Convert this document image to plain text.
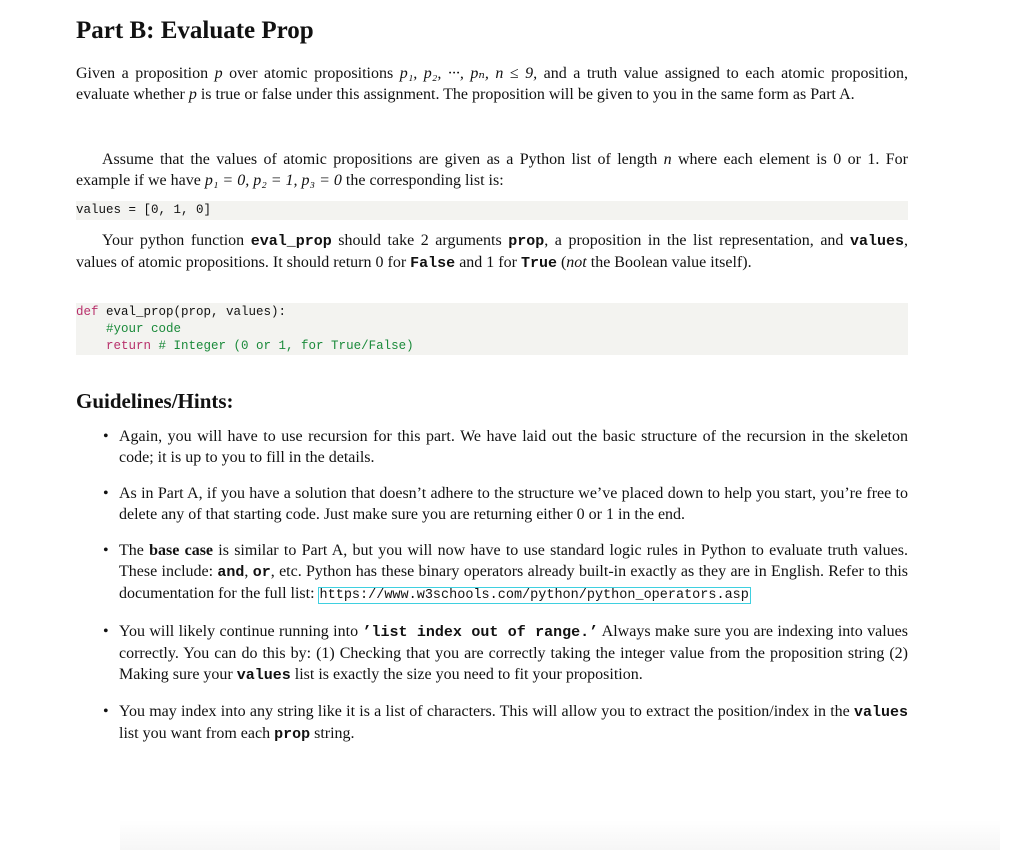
Part B: Evaluate Prop

Given a proposition p over atomic propositions p₁, p₂, ···, pₙ, n ≤ 9, and a truth value assigned to each atomic proposition, evaluate whether p is true or false under this assignment. The proposition will be given to you in the same form as Part A.

Assume that the values of atomic propositions are given as a Python list of length n where each element is 0 or 1. For example if we have p₁ = 0, p₂ = 1, p₃ = 0 the corresponding list is:

values = [0, 1, 0]

Your python function eval_prop should take 2 arguments prop, a proposition in the list representation, and values, values of atomic propositions. It should return 0 for False and 1 for True (not the Boolean value itself).

def eval_prop(prop, values):
#your code
return # Integer (0 or 1, for True/False)
Guidelines/Hints:
• Again, you will have to use recursion for this part. We have laid out the basic structure of the recursion in the skeleton code; it is up to you to fill in the details.
• As in Part A, if you have a solution that doesn’t adhere to the structure we’ve placed down to help you start, you’re free to delete any of that starting code. Just make sure you are returning either 0 or 1 in the end.
• The base case is similar to Part A, but you will now have to use standard logic rules in Python to evaluate truth values. These include: and, or, etc. Python has these binary operators already built-in exactly as they are in English. Refer to this documentation for the full list: https://www.w3schools.com/python/python_operators.asp
• You will likely continue running into ’list index out of range.’ Always make sure you are indexing into values correctly. You can do this by: (1) Checking that you are correctly taking the integer value from the proposition string (2) Making sure your values list is exactly the size you need to fit your proposition.
• You may index into any string like it is a list of characters. This will allow you to extract the position/index in the values list you want from each prop string.
